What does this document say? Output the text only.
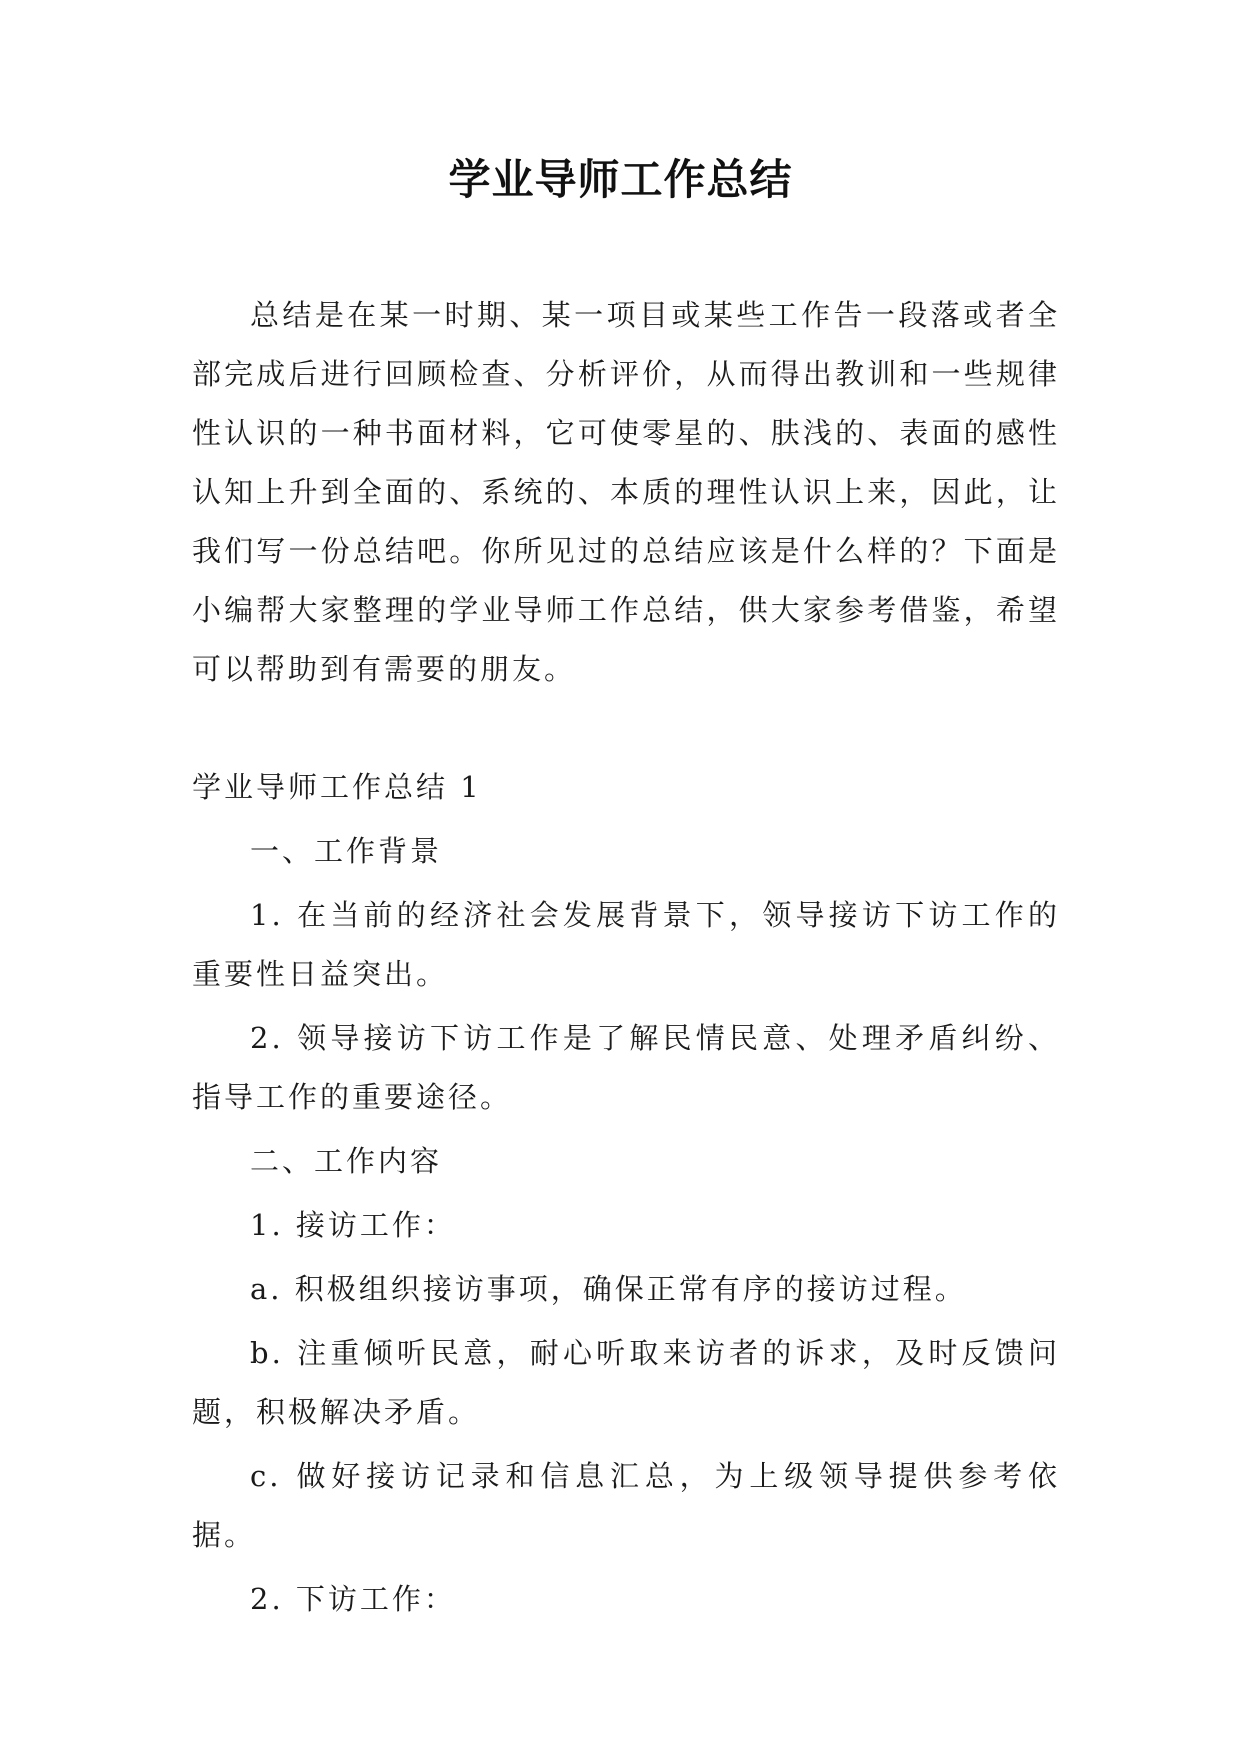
学业导师工作总结

总结是在某一时期、某一项目或某些工作告一段落或者全部完成后进行回顾检查、分析评价，从而得出教训和一些规律性认识的一种书面材料，它可使零星的、肤浅的、表面的感性认知上升到全面的、系统的、本质的理性认识上来，因此，让我们写一份总结吧。你所见过的总结应该是什么样的？下面是小编帮大家整理的学业导师工作总结，供大家参考借鉴，希望可以帮助到有需要的朋友。

学业导师工作总结 1

一、工作背景

1. 在当前的经济社会发展背景下，领导接访下访工作的重要性日益突出。

2. 领导接访下访工作是了解民情民意、处理矛盾纠纷、指导工作的重要途径。

二、工作内容

1. 接访工作：

a. 积极组织接访事项，确保正常有序的接访过程。

b. 注重倾听民意，耐心听取来访者的诉求，及时反馈问题，积极解决矛盾。

c. 做好接访记录和信息汇总，为上级领导提供参考依据。

2. 下访工作：
